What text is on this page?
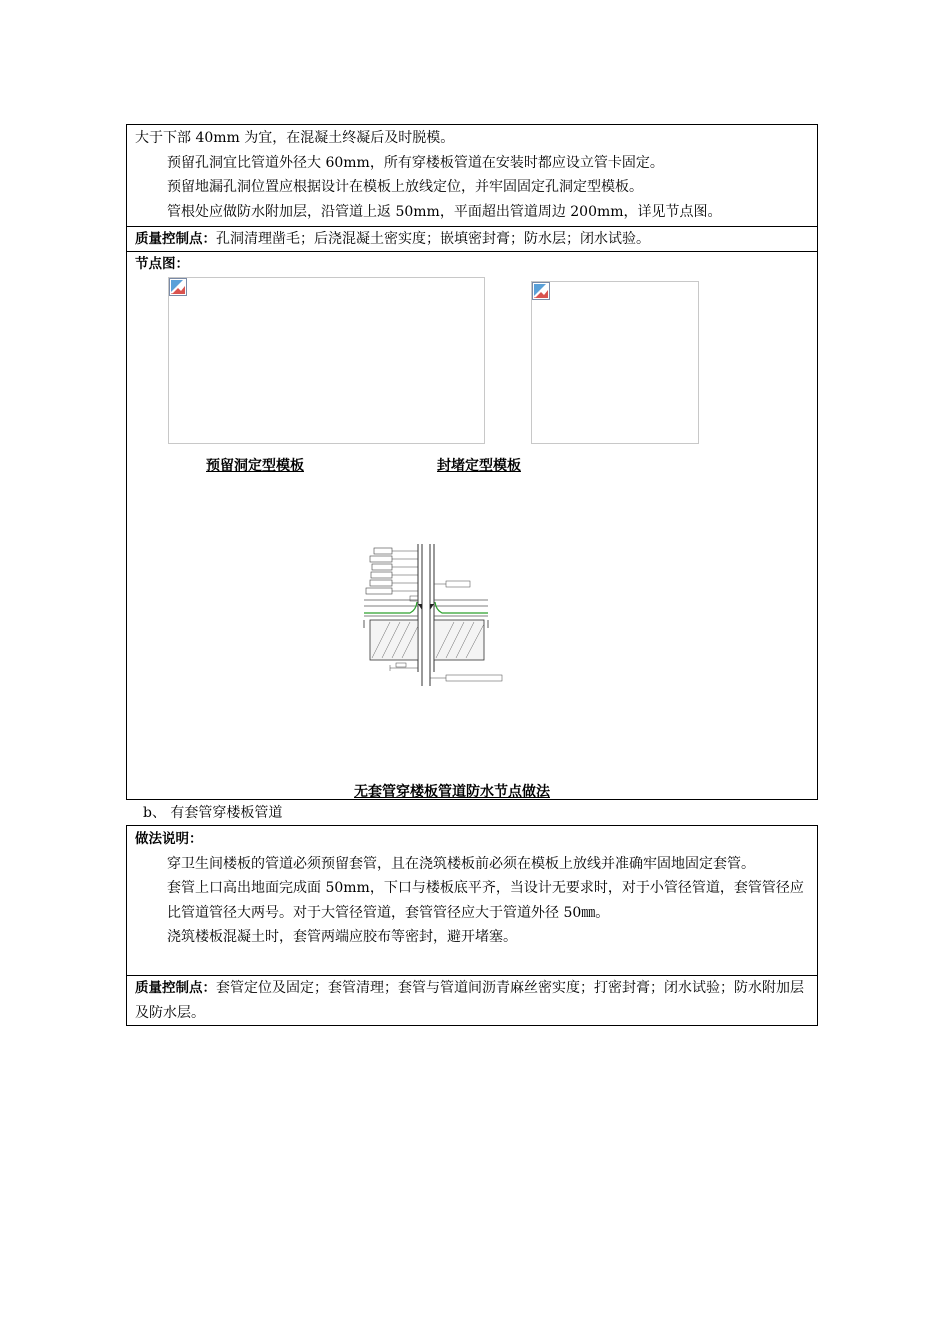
大于下部 40mm 为宜，在混凝土终凝后及时脱模。

预留孔洞宜比管道外径大 60mm，所有穿楼板管道在安装时都应设立管卡固定。

预留地漏孔洞位置应根据设计在模板上放线定位，并牢固固定孔洞定型模板。

管根处应做防水附加层，沿管道上返 50mm，平面超出管道周边 200mm，详见节点图。

质量控制点：孔洞清理凿毛；后浇混凝土密实度；嵌填密封膏；防水层；闭水试验。
节点图：
预留洞定型模板	封堵定型模板
无套管穿楼板管道防水节点做法
b、 有套管穿楼板管道

做法说明：

穿卫生间楼板的管道必须预留套管，且在浇筑楼板前必须在模板上放线并准确牢固地固定套管。

套管上口高出地面完成面 50mm，下口与楼板底平齐，当设计无要求时，对于小管径管道，套管管径应比管道管径大两号。对于大管径管道，套管管径应大于管道外径 50㎜。

浇筑楼板混凝土时，套管两端应胶布等密封，避开堵塞。

质量控制点：套管定位及固定；套管清理；套管与管道间沥青麻丝密实度；打密封膏；闭水试验；防水附加层及防水层。
